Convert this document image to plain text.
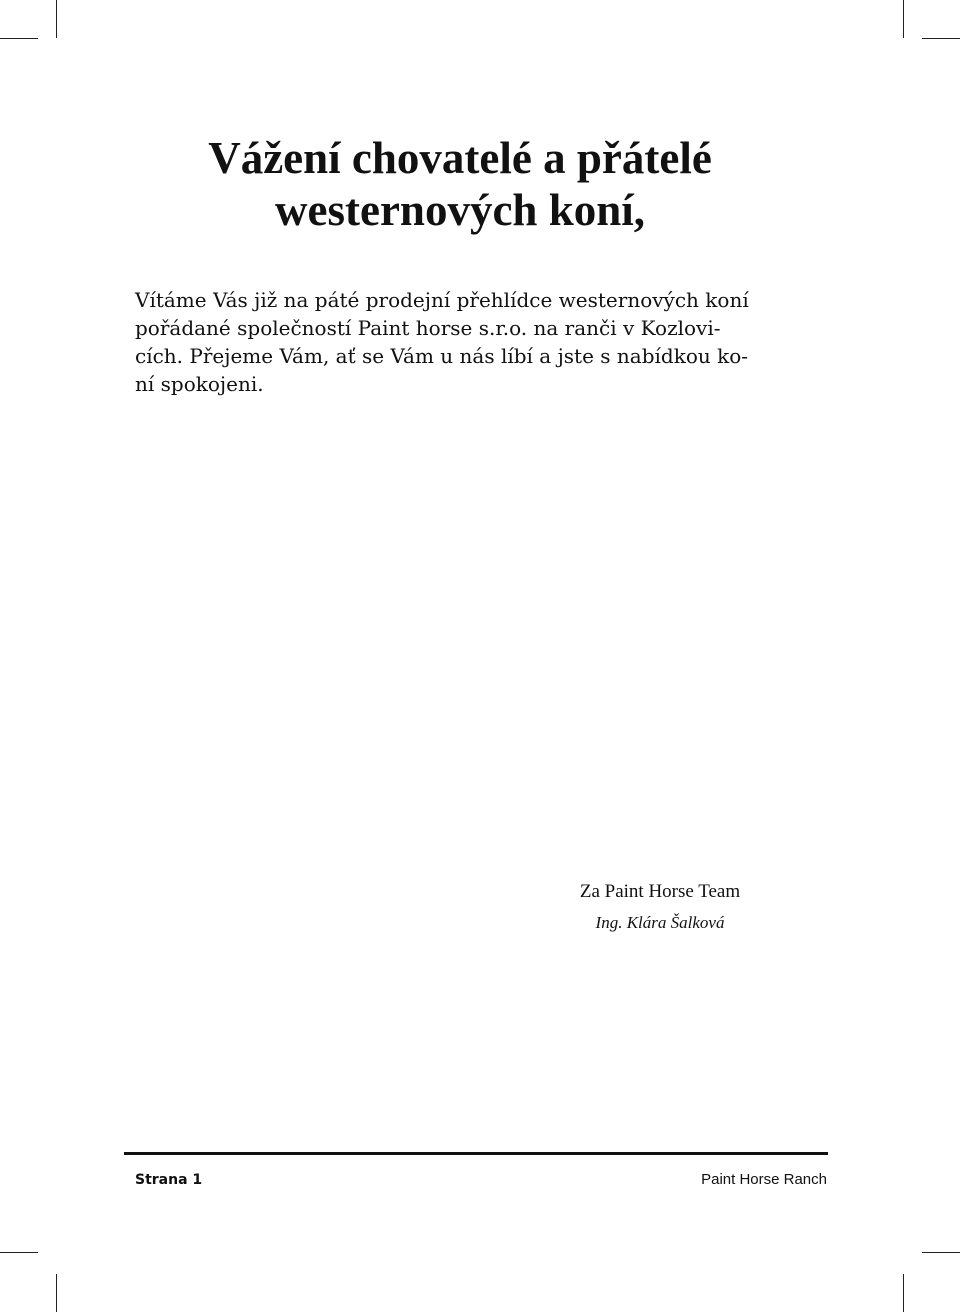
Vážení chovatelé a přátelé
westernových koní,

Vítáme Vás již na páté prodejní přehlídce westernových koní
pořádané společností Paint horse s.r.o. na ranči v Kozlovi-
cích. Přejeme Vám, ať se Vám u nás líbí a jste s nabídkou ko-
ní spokojeni.

Za Paint Horse Team
Ing. Klára Šalková
Strana 1	Paint Horse Ranch
